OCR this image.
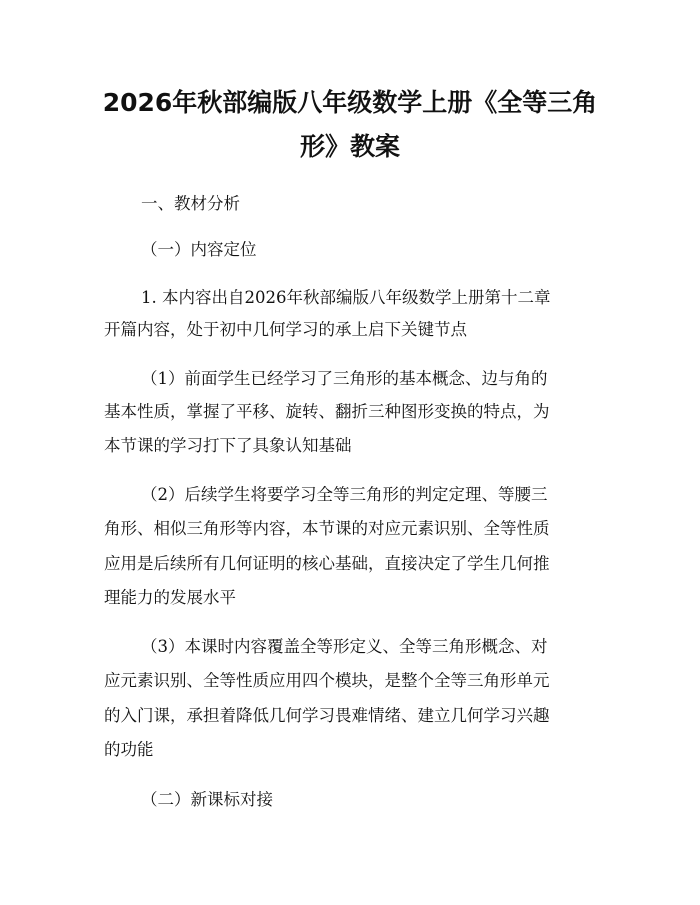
2026年秋部编版八年级数学上册《全等三角
形》教案

一、教材分析

（一）内容定位

1. 本内容出自2026年秋部编版八年级数学上册第十二章

开篇内容，处于初中几何学习的承上启下关键节点

（1）前面学生已经学习了三角形的基本概念、边与角的

基本性质，掌握了平移、旋转、翻折三种图形变换的特点，为

本节课的学习打下了具象认知基础

（2）后续学生将要学习全等三角形的判定定理、等腰三

角形、相似三角形等内容，本节课的对应元素识别、全等性质

应用是后续所有几何证明的核心基础，直接决定了学生几何推

理能力的发展水平

（3）本课时内容覆盖全等形定义、全等三角形概念、对

应元素识别、全等性质应用四个模块，是整个全等三角形单元

的入门课，承担着降低几何学习畏难情绪、建立几何学习兴趣

的功能

（二）新课标对接
